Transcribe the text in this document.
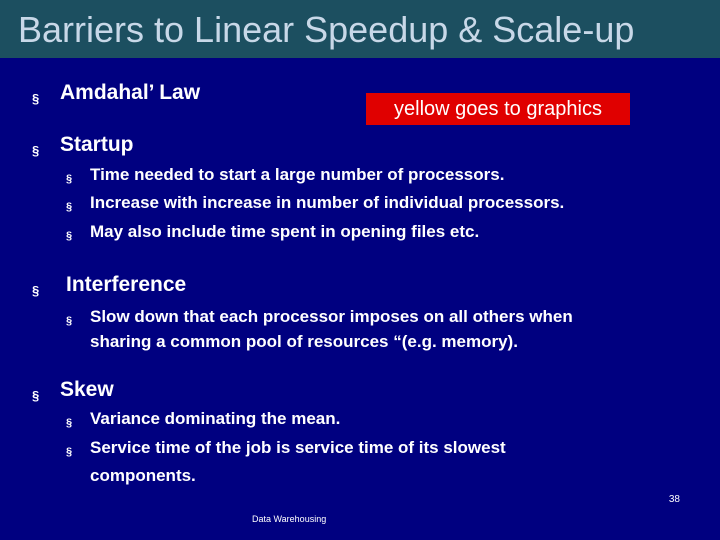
Barriers to Linear Speedup & Scale-up
§ Amdahal’ Law
yellow goes to graphics
§ Startup
§ Time needed to start a large number of processors.
§ Increase with increase in number of individual processors.
§ May also include time spent in opening files etc.
§ Interference
§ Slow down that each processor imposes on all others when
sharing a common pool of resources “(e.g. memory).
§ Skew
§ Variance dominating the mean.
§ Service time of the job is service time of its slowest
components.
38
Data Warehousing
